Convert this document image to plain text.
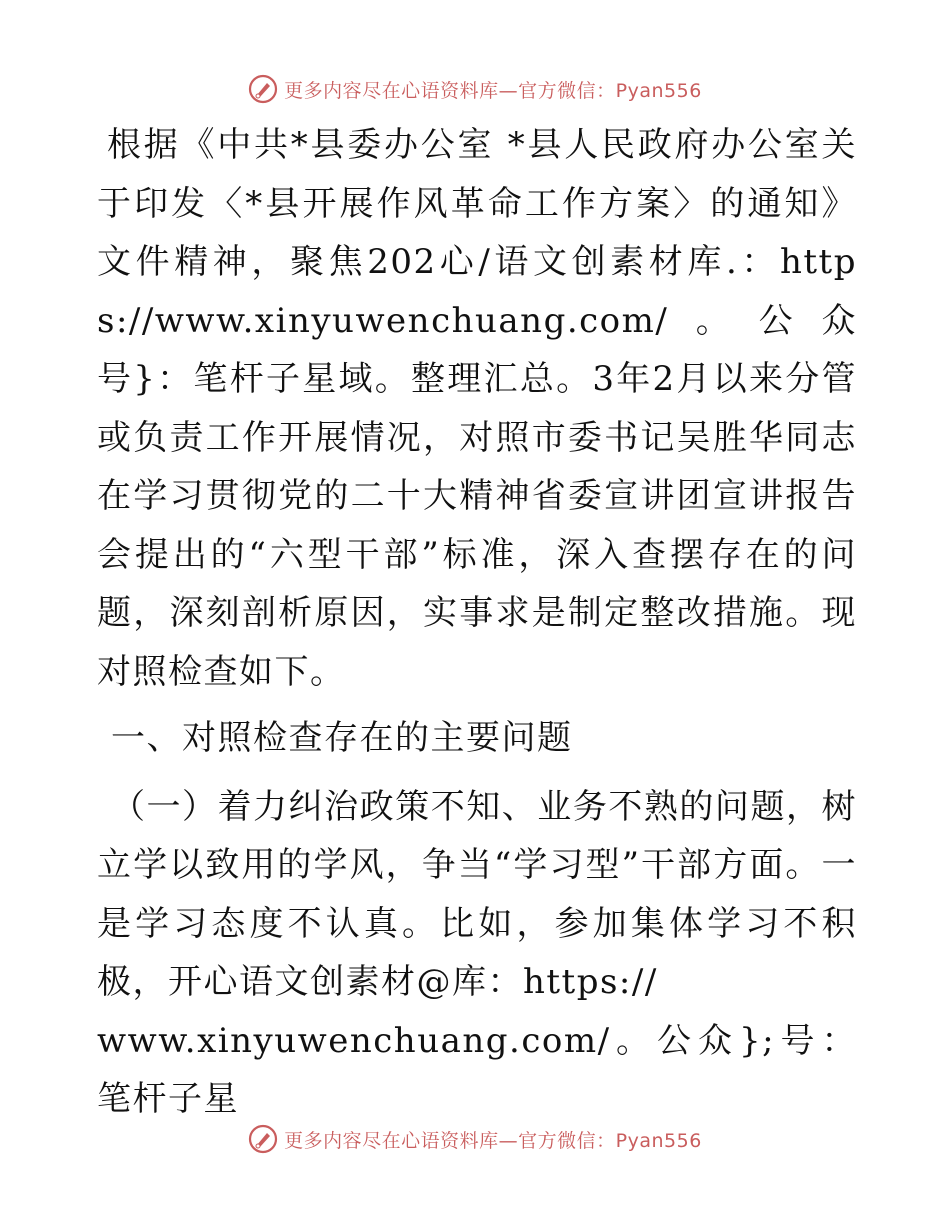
更多内容尽在心语资料库—官方微信：Pyan556

根据《中共*县委办公室 *县人民政府办公室关于印发〈*县开展作风革命工作方案〉的通知》文件精神，聚焦202心/语文创素材库.：https://www.xinyuwenchuang.com/。公众号}：笔杆子星域。整理汇总。3年2月以来分管或负责工作开展情况，对照市委书记吴胜华同志在学习贯彻党的二十大精神省委宣讲团宣讲报告会提出的“六型干部”标准，深入查摆存在的问题，深刻剖析原因，实事求是制定整改措施。现对照检查如下。

一、对照检查存在的主要问题

（一）着力纠治政策不知、业务不熟的问题，树立学以致用的学风，争当“学习型”干部方面。一是学习态度不认真。比如，参加集体学习不积极，开心语文创素材@库：https://

www.xinyuwenchuang.com/。公众};号：笔杆子星

更多内容尽在心语资料库—官方微信：Pyan556
